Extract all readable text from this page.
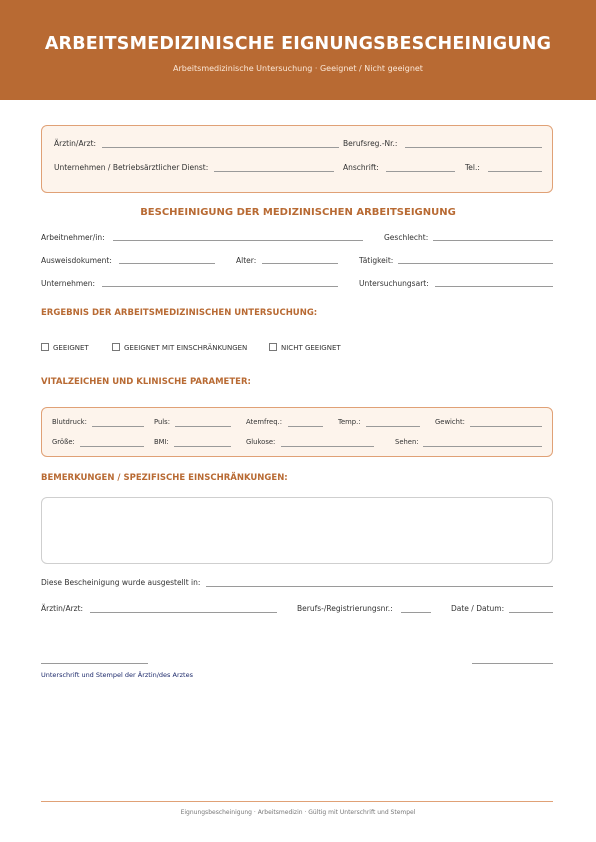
ARBEITSMEDIZINISCHE EIGNUNGSBESCHEINIGUNG
Arbeitsmedizinische Untersuchung · Geeignet / Nicht geeignet
Ärztin/Arzt:	Berufsreg.-Nr.:
Unternehmen / Betriebsärztlicher Dienst:	Anschrift:	Tel.:
BESCHEINIGUNG DER MEDIZINISCHEN ARBEITSEIGNUNG
Arbeitnehmer/in:	Geschlecht:
Ausweisdokument:	Alter:	Tätigkeit:
Unternehmen:	Untersuchungsart:
ERGEBNIS DER ARBEITSMEDIZINISCHEN UNTERSUCHUNG:
GEEIGNET	GEEIGNET MIT EINSCHRÄNKUNGEN	NICHT GEEIGNET
VITALZEICHEN UND KLINISCHE PARAMETER:
Blutdruck:	Puls:	Atemfreq.:	Temp.:	Gewicht:
Größe:	BMI:	Glukose:	Sehen:
BEMERKUNGEN / SPEZIFISCHE EINSCHRÄNKUNGEN:
Diese Bescheinigung wurde ausgestellt in:
Ärztin/Arzt:	Berufs-/Registrierungsnr.:	Date / Datum:
Unterschrift und Stempel der Ärztin/des Arztes
Eignungsbescheinigung · Arbeitsmedizin · Gültig mit Unterschrift und Stempel
